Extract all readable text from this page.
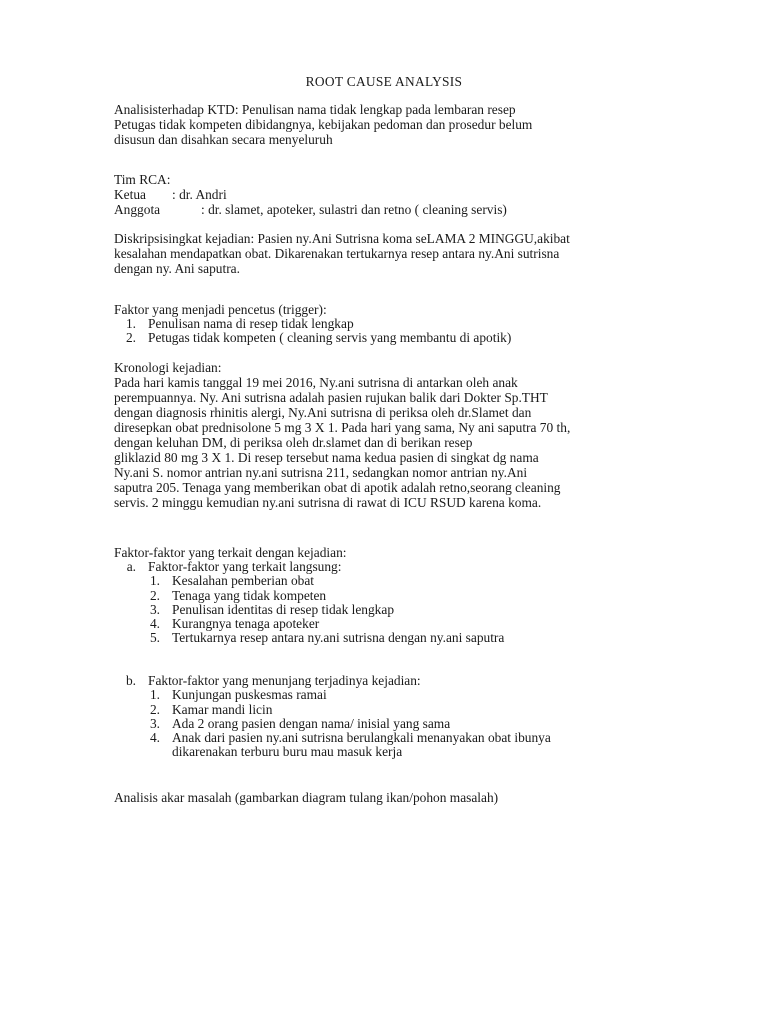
ROOT CAUSE ANALYSIS

Analisisterhadap KTD: Penulisan nama tidak lengkap pada lembaran resep

Petugas tidak kompeten dibidangnya, kebijakan pedoman dan prosedur belum

disusun dan disahkan secara menyeluruh

Tim RCA:

Ketua	: dr. Andri
Anggota	: dr. slamet, apoteker, sulastri dan retno ( cleaning servis)

Diskripsisingkat kejadian: Pasien ny.Ani Sutrisna koma seLAMA 2 MINGGU,akibat

kesalahan mendapatkan obat. Dikarenakan tertukarnya resep antara ny.Ani sutrisna

dengan ny. Ani saputra.

Faktor yang menjadi pencetus (trigger):

1. Penulisan nama di resep tidak lengkap
2. Petugas tidak kompeten ( cleaning servis yang membantu di apotik)

Kronologi kejadian:

Pada hari kamis tanggal 19 mei 2016, Ny.ani sutrisna di antarkan oleh anak

perempuannya. Ny. Ani sutrisna adalah pasien rujukan balik dari Dokter Sp.THT

dengan diagnosis rhinitis alergi, Ny.Ani sutrisna di periksa oleh dr.Slamet dan

diresepkan obat prednisolone 5 mg 3 X 1. Pada hari yang sama, Ny ani saputra 70 th,

dengan keluhan DM, di periksa oleh dr.slamet dan di berikan resep

gliklazid 80 mg 3 X 1. Di resep tersebut nama kedua pasien di singkat dg nama

Ny.ani S. nomor antrian ny.ani sutrisna 211, sedangkan nomor antrian ny.Ani

saputra 205. Tenaga yang memberikan obat di apotik adalah retno,seorang cleaning

servis. 2 minggu kemudian ny.ani sutrisna di rawat di ICU RSUD karena koma.

Faktor-faktor yang terkait dengan kejadian:

a. Faktor-faktor yang terkait langsung:
1. Kesalahan pemberian obat
2. Tenaga yang tidak kompeten
3. Penulisan identitas di resep tidak lengkap
4. Kurangnya tenaga apoteker
5. Tertukarnya resep antara ny.ani sutrisna dengan ny.ani saputra
b. Faktor-faktor yang menunjang terjadinya kejadian:
1. Kunjungan puskesmas ramai
2. Kamar mandi licin
3. Ada 2 orang pasien dengan nama/ inisial yang sama
4. Anak dari pasien ny.ani sutrisna berulangkali menanyakan obat ibunya
dikarenakan terburu buru mau masuk kerja

Analisis akar masalah (gambarkan diagram tulang ikan/pohon masalah)
